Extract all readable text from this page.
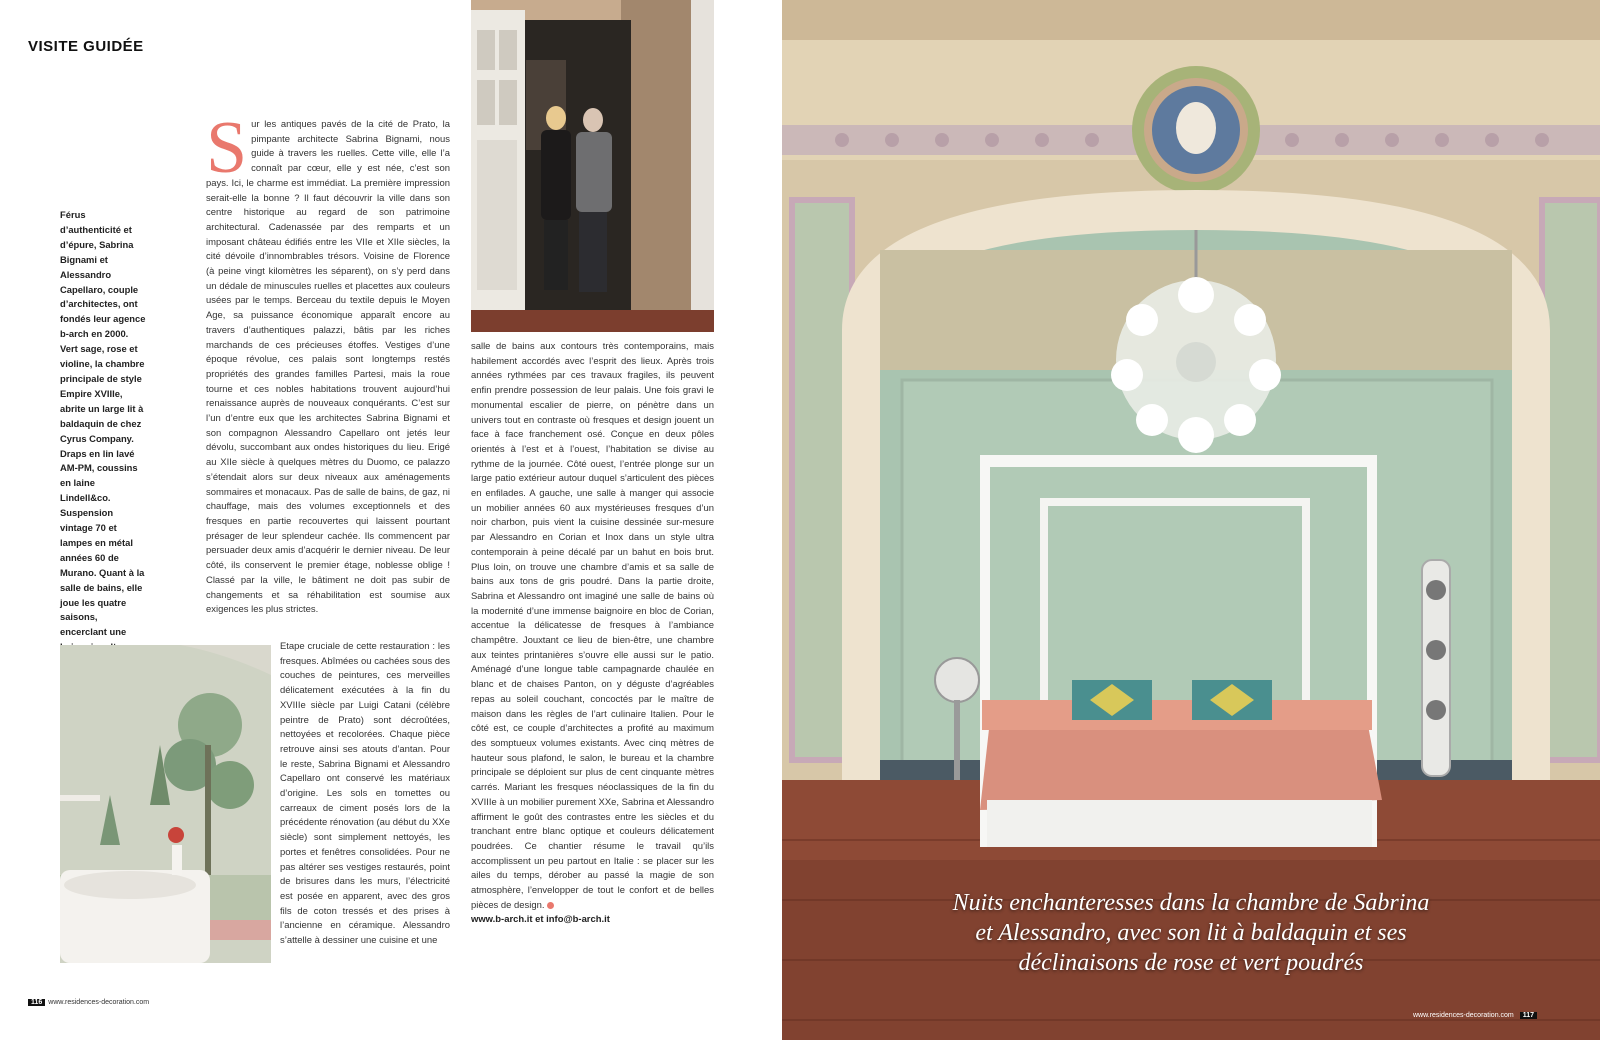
VISITE GUIDÉE
Férus d’authenticité et d’épure, Sabrina Bignami et Alessandro Capellaro, couple d’architectes, ont fondés leur agence b-arch en 2000. Vert sage, rose et violine, la chambre principale de style Empire XVIIIe, abrite un large lit à baldaquin de chez Cyrus Company. Draps en lin lavé AM-PM, coussins en laine Lindell&co. Suspension vintage 70 et lampes en métal années 60 de Murano. Quant à la salle de bains, elle joue les quatre saisons, encerclant une

Sur les antiques pavés de la cité de Prato, la pimpante architecte Sabrina Bignami, nous guide à travers les ruelles. Cette ville, elle l’a connaît par cœur, elle y est née, c’est son pays. Ici, le charme est immédiat. La première impression serait-elle la bonne ? Il faut découvrir la ville dans son centre historique au regard de son patrimoine architectural. Cadenassée par des remparts et un imposant château édifiés entre les VIIe et XIIe siècles, la cité dévoile d’innombrables trésors. Voisine de Florence (à peine vingt kilomètres les séparent), on s’y perd dans un dédale de minuscules ruelles et placettes aux couleurs usées par le temps. Berceau du textile depuis le Moyen Age, sa puissance économique apparaît encore au travers d’authentiques palazzi, bâtis par les riches marchands de ces précieuses étoffes. Vestiges d’une époque révolue, ces palais sont longtemps restés propriétés des grandes familles Partesi, mais la roue tourne et ces nobles habitations trouvent aujourd’hui renaissance auprès de nouveaux conquérants. C’est sur l’un d’entre eux que les architectes Sabrina Bignami et son compagnon Alessandro Capellaro ont jetés leur dévolu, succombant aux ondes historiques du lieu. Erigé au XIIe siècle à quelques mètres du Duomo, ce palazzo s’étendait alors sur deux niveaux aux aménagements sommaires et monacaux. Pas de salle de bains, de gaz, ni chauffage, mais des volumes exceptionnels et des fresques en partie recouvertes qui laissent pourtant présager de leur splendeur cachée. Ils commencent par persuader deux amis d’acquérir le dernier niveau. De leur côté, ils conservent le premier étage, noblesse oblige ! Classé par la ville, le bâtiment ne doit pas subir de changements et sa réhabilitation est soumise aux exigences les plus strictes.

Etape cruciale de cette restauration : les fresques. Abîmées ou cachées sous des couches de peintures, ces merveilles délicatement exécutées à la fin du XVIIIe siècle par Luigi Catani (célèbre peintre de Prato) sont décroûtées, nettoyées et recolorées. Chaque pièce retrouve ainsi ses atouts d’antan. Pour le reste, Sabrina Bignami et Alessandro Capellaro ont conservé les matériaux d’origine. Les sols en tomettes ou carreaux de ciment posés lors de la précédente rénovation (au début du XXe siècle) sont simplement nettoyés, les portes et fenêtres consolidées. Pour ne pas altérer ses vestiges restaurés, point de brisures dans les murs, l’électricité est posée en apparent, avec des gros fils de coton tressés et des prises à l’ancienne en céramique. Alessandro s’attelle à dessiner une cuisine et une

salle de bains aux contours très contemporains, mais habilement accordés avec l’esprit des lieux. Après trois années rythmées par ces travaux fragiles, ils peuvent enfin prendre possession de leur palais. Une fois gravi le monumental escalier de pierre, on pénètre dans un univers tout en contraste où fresques et design jouent un face à face franchement osé. Conçue en deux pôles orientés à l’est et à l’ouest, l’habitation se divise au rythme de la journée. Côté ouest, l’entrée plonge sur un large patio extérieur autour duquel s’articulent des pièces en enfilades. A gauche, une salle à manger qui associe un mobilier années 60 aux mystérieuses fresques d’un noir charbon, puis vient la cuisine dessinée sur-mesure par Alessandro en Corian et Inox dans un style ultra contemporain à peine décalé par un bahut en bois brut. Plus loin, on trouve une chambre d’amis et sa salle de bains aux tons de gris poudré. Dans la partie droite, Sabrina et Alessandro ont imaginé une salle de bains où la modernité d’une immense baignoire en bloc de Corian, accentue la délicatesse de fresques à l’ambiance champêtre. Jouxtant ce lieu de bien-être, une chambre aux teintes printanières s’ouvre elle aussi sur le patio. Aménagé d’une longue table campagnarde chaulée en blanc et de chaises Panton, on y déguste d’agréables repas au soleil couchant, concoctés par le maître de maison dans les règles de l’art culinaire Italien. Pour le côté est, ce couple d’architectes a profité au maximum des somptueux volumes existants. Avec cinq mètres de hauteur sous plafond, le salon, le bureau et la chambre principale se déploient sur plus de cent cinquante mètres carrés. Mariant les fresques néoclassiques de la fin du XVIIIe à un mobilier purement XXe, Sabrina et Alessandro affirment le goût des contrastes entre les siècles et du tranchant entre blanc optique et couleurs délicatement poudrées. Ce chantier résume le travail qu’ils accomplissent un peu partout en Italie : se placer sur les ailes du temps, dérober au passé la magie de son atmosphère, l’envelopper de tout le confort et de belles pièces de design.
www.b-arch.it et info@b-arch.it

116 www.residences-decoration.com
Nuits enchanteresses dans la chambre de Sabrina
et Alessandro, avec son lit à baldaquin et ses
déclinaisons de rose et vert poudrés
www.residences-decoration.com 117
